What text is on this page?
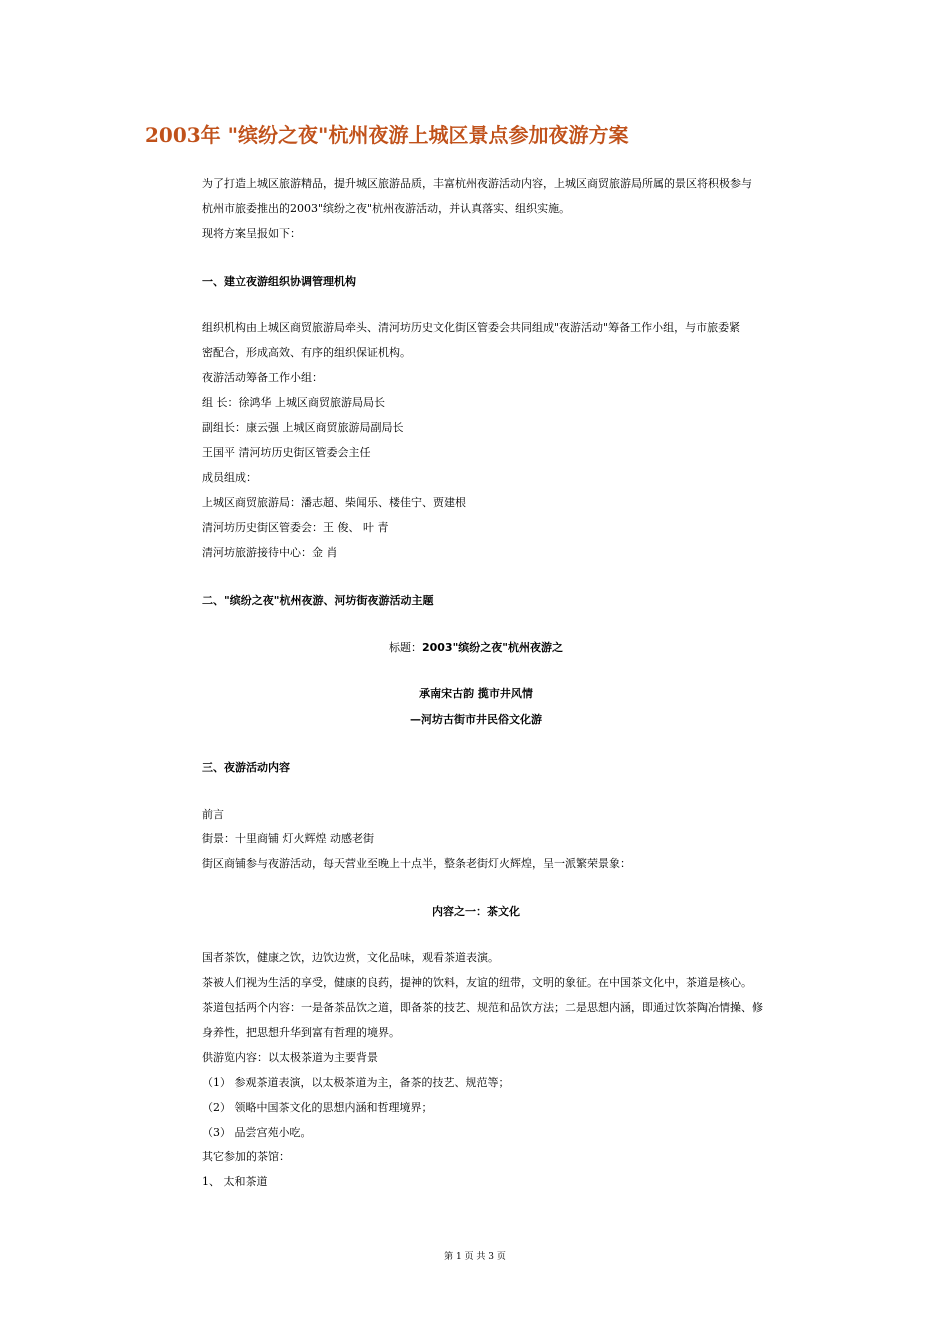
2003年 "缤纷之夜"杭州夜游上城区景点参加夜游方案
为了打造上城区旅游精品，提升城区旅游品质，丰富杭州夜游活动内容，上城区商贸旅游局所属的景区将积极参与
杭州市旅委推出的2003"缤纷之夜"杭州夜游活动，并认真落实、组织实施。
现将方案呈报如下：
一、建立夜游组织协调管理机构
组织机构由上城区商贸旅游局牵头、清河坊历史文化街区管委会共同组成"夜游活动"筹备工作小组，与市旅委紧
密配合，形成高效、有序的组织保证机构。
夜游活动筹备工作小组：
组 长：徐鸿华 上城区商贸旅游局局长
副组长：康云强 上城区商贸旅游局副局长
王国平 清河坊历史街区管委会主任
成员组成：
上城区商贸旅游局：潘志超、柴闻乐、楼佳宁、贾建根
清河坊历史街区管委会：王 俊、 叶 青
清河坊旅游接待中心：金 肖
二、"缤纷之夜"杭州夜游、河坊街夜游活动主题
标题：2003"缤纷之夜"杭州夜游之
承南宋古韵 揽市井风情
—河坊古街市井民俗文化游
三、夜游活动内容
前言
街景：十里商铺 灯火辉煌 动感老街
街区商铺参与夜游活动，每天营业至晚上十点半，整条老街灯火辉煌，呈一派繁荣景象：
内容之一：茶文化
国者茶饮，健康之饮，边饮边赏，文化品味，观看茶道表演。
茶被人们视为生活的享受，健康的良药，提神的饮料，友谊的纽带，文明的象征。在中国茶文化中，茶道是核心。
茶道包括两个内容：一是备茶品饮之道，即备茶的技艺、规范和品饮方法；二是思想内涵，即通过饮茶陶冶情操、修
身养性，把思想升华到富有哲理的境界。
供游览内容：以太极茶道为主要背景
（1） 参观茶道表演，以太极茶道为主，备茶的技艺、规范等；
（2） 领略中国茶文化的思想内涵和哲理境界；
（3） 品尝宫苑小吃。
其它参加的茶馆：
1、 太和茶道
第 1 页 共 3 页
